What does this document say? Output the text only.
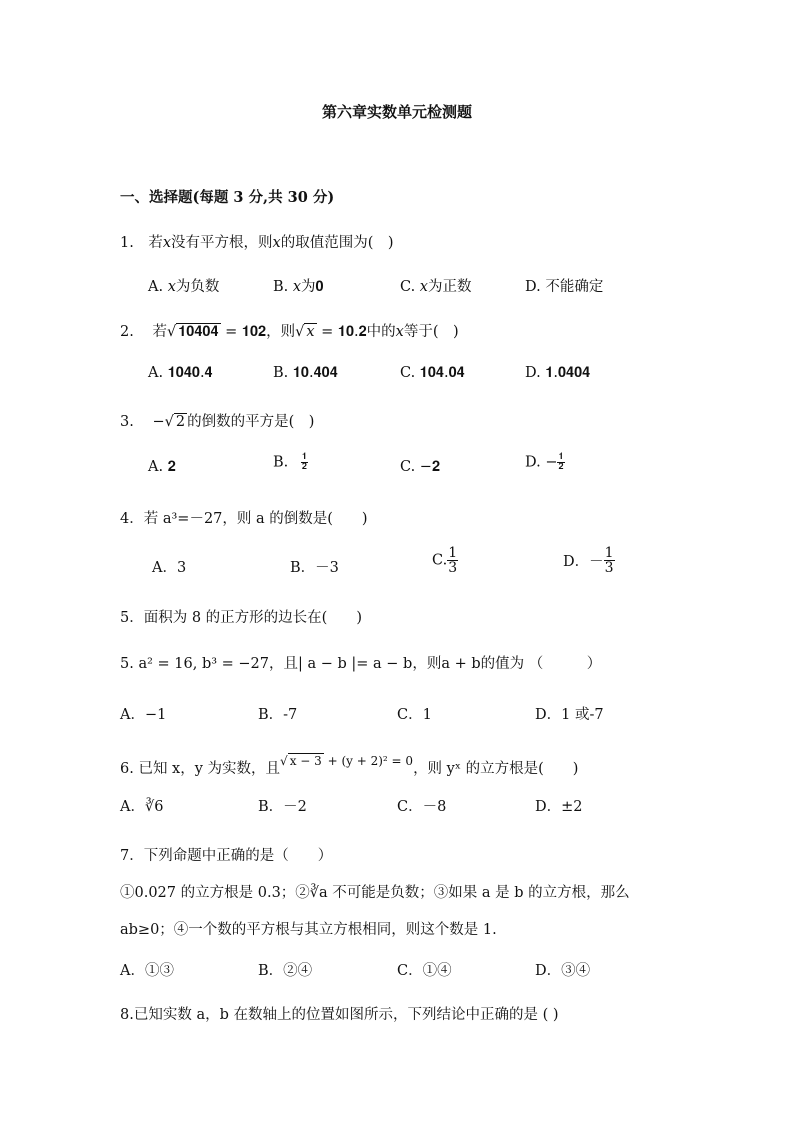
第六章实数单元检测题
一、选择题(每题 3 分,共 30 分)
1.　若𝑥没有平方根，则𝑥的取值范围为(　)
A. 𝑥为负数	B. 𝑥为𝟎	C. 𝑥为正数	D. 不能确定
2. 若√ 𝟏𝟎𝟒𝟎𝟒 = 𝟏𝟎𝟐，则√ 𝑥 = 𝟏𝟎.𝟐中的𝑥等于(　)
A. 𝟏𝟎𝟒𝟎.𝟒	B. 𝟏𝟎.𝟒𝟎𝟒	C. 𝟏𝟎𝟒.𝟎𝟒	D. 𝟏.𝟎𝟒𝟎𝟒
3. −√ 2 的倒数的平方是(　)
A. 𝟐	B. $\frac{𝟏}{𝟐}$	C. −𝟐	D. − $\frac{𝟏}{𝟐}$
4．若 a³=－27，则 a 的倒数是(　　)
A．3	B．－3	C. $\frac{1}{3}$	D．－ $\frac{1}{3}$
5．面积为 8 的正方形的边长在(　　)
5. a² = 16, b³ = −27，且| a − b |= a − b，则a + b的值为 （　　　）
A．−1	B．-7	C．1	D．1 或-7
6. 已知 x，y 为实数，且$^{√ x - 3 + (y + 2)^2 = 0}$，则 yˣ 的立方根是(　　)
A．∛6	B．－2	C．－8	D．±2
7．下列命题中正确的是（　　）
①0.027 的立方根是 0.3；②∛a 不可能是负数；③如果 a 是 b 的立方根，那么
ab≥0；④一个数的平方根与其立方根相同，则这个数是 1.
A．①③	B．②④	C．①④	D．③④
8.已知实数 a，b 在数轴上的位置如图所示，下列结论中正确的是 ( )
